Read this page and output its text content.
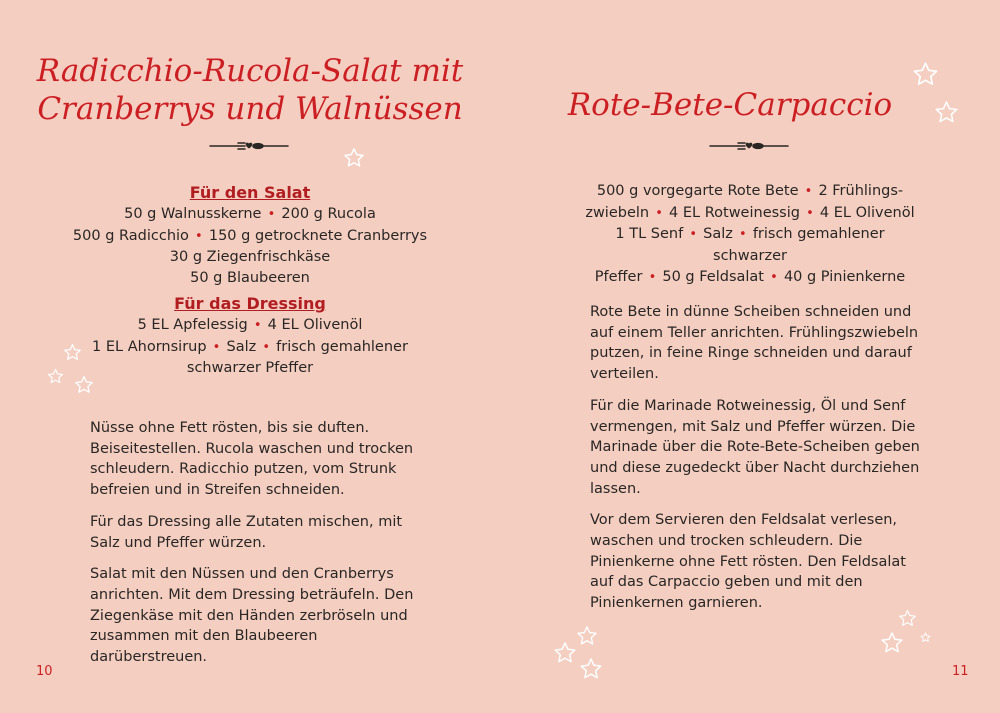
Radicchio-Rucola-Salat mit
Cranberrys und Walnüssen
Für den Salat
50 g Walnusskerne • 200 g Rucola
500 g Radicchio • 150 g getrocknete Cranberrys
30 g Ziegenfrischkäse
50 g Blaubeeren
Für das Dressing
5 EL Apfelessig • 4 EL Olivenöl
1 EL Ahornsirup • Salz • frisch gemahlener
schwarzer Pfeffer

Nüsse ohne Fett rösten, bis sie duften. Beiseitestellen. Rucola waschen und trocken schleudern. Radicchio putzen, vom Strunk befreien und in Streifen schneiden.

Für das Dressing alle Zutaten mischen, mit Salz und Pfeffer würzen.

Salat mit den Nüssen und den Cranberrys anrichten. Mit dem Dressing beträufeln. Den Ziegenkäse mit den Händen zerbröseln und zusammen mit den Blaubeeren darüberstreuen.

10
Rote-Bete-Carpaccio
500 g vorgegarte Rote Bete • 2 Frühlings-
zwiebeln • 4 EL Rotweinessig • 4 EL Olivenöl
1 TL Senf • Salz • frisch gemahlener schwarzer
Pfeffer • 50 g Feldsalat • 40 g Pinienkerne

Rote Bete in dünne Scheiben schneiden und auf einem Teller anrichten. Frühlingszwiebeln putzen, in feine Ringe schneiden und darauf verteilen.

Für die Marinade Rotweinessig, Öl und Senf vermengen, mit Salz und Pfeffer würzen. Die Marinade über die Rote-Bete-Scheiben geben und diese zugedeckt über Nacht durchziehen lassen.

Vor dem Servieren den Feldsalat verlesen, waschen und trocken schleudern. Die Pinienkerne ohne Fett rösten. Den Feldsalat auf das Carpaccio geben und mit den Pinienkernen garnieren.

11
